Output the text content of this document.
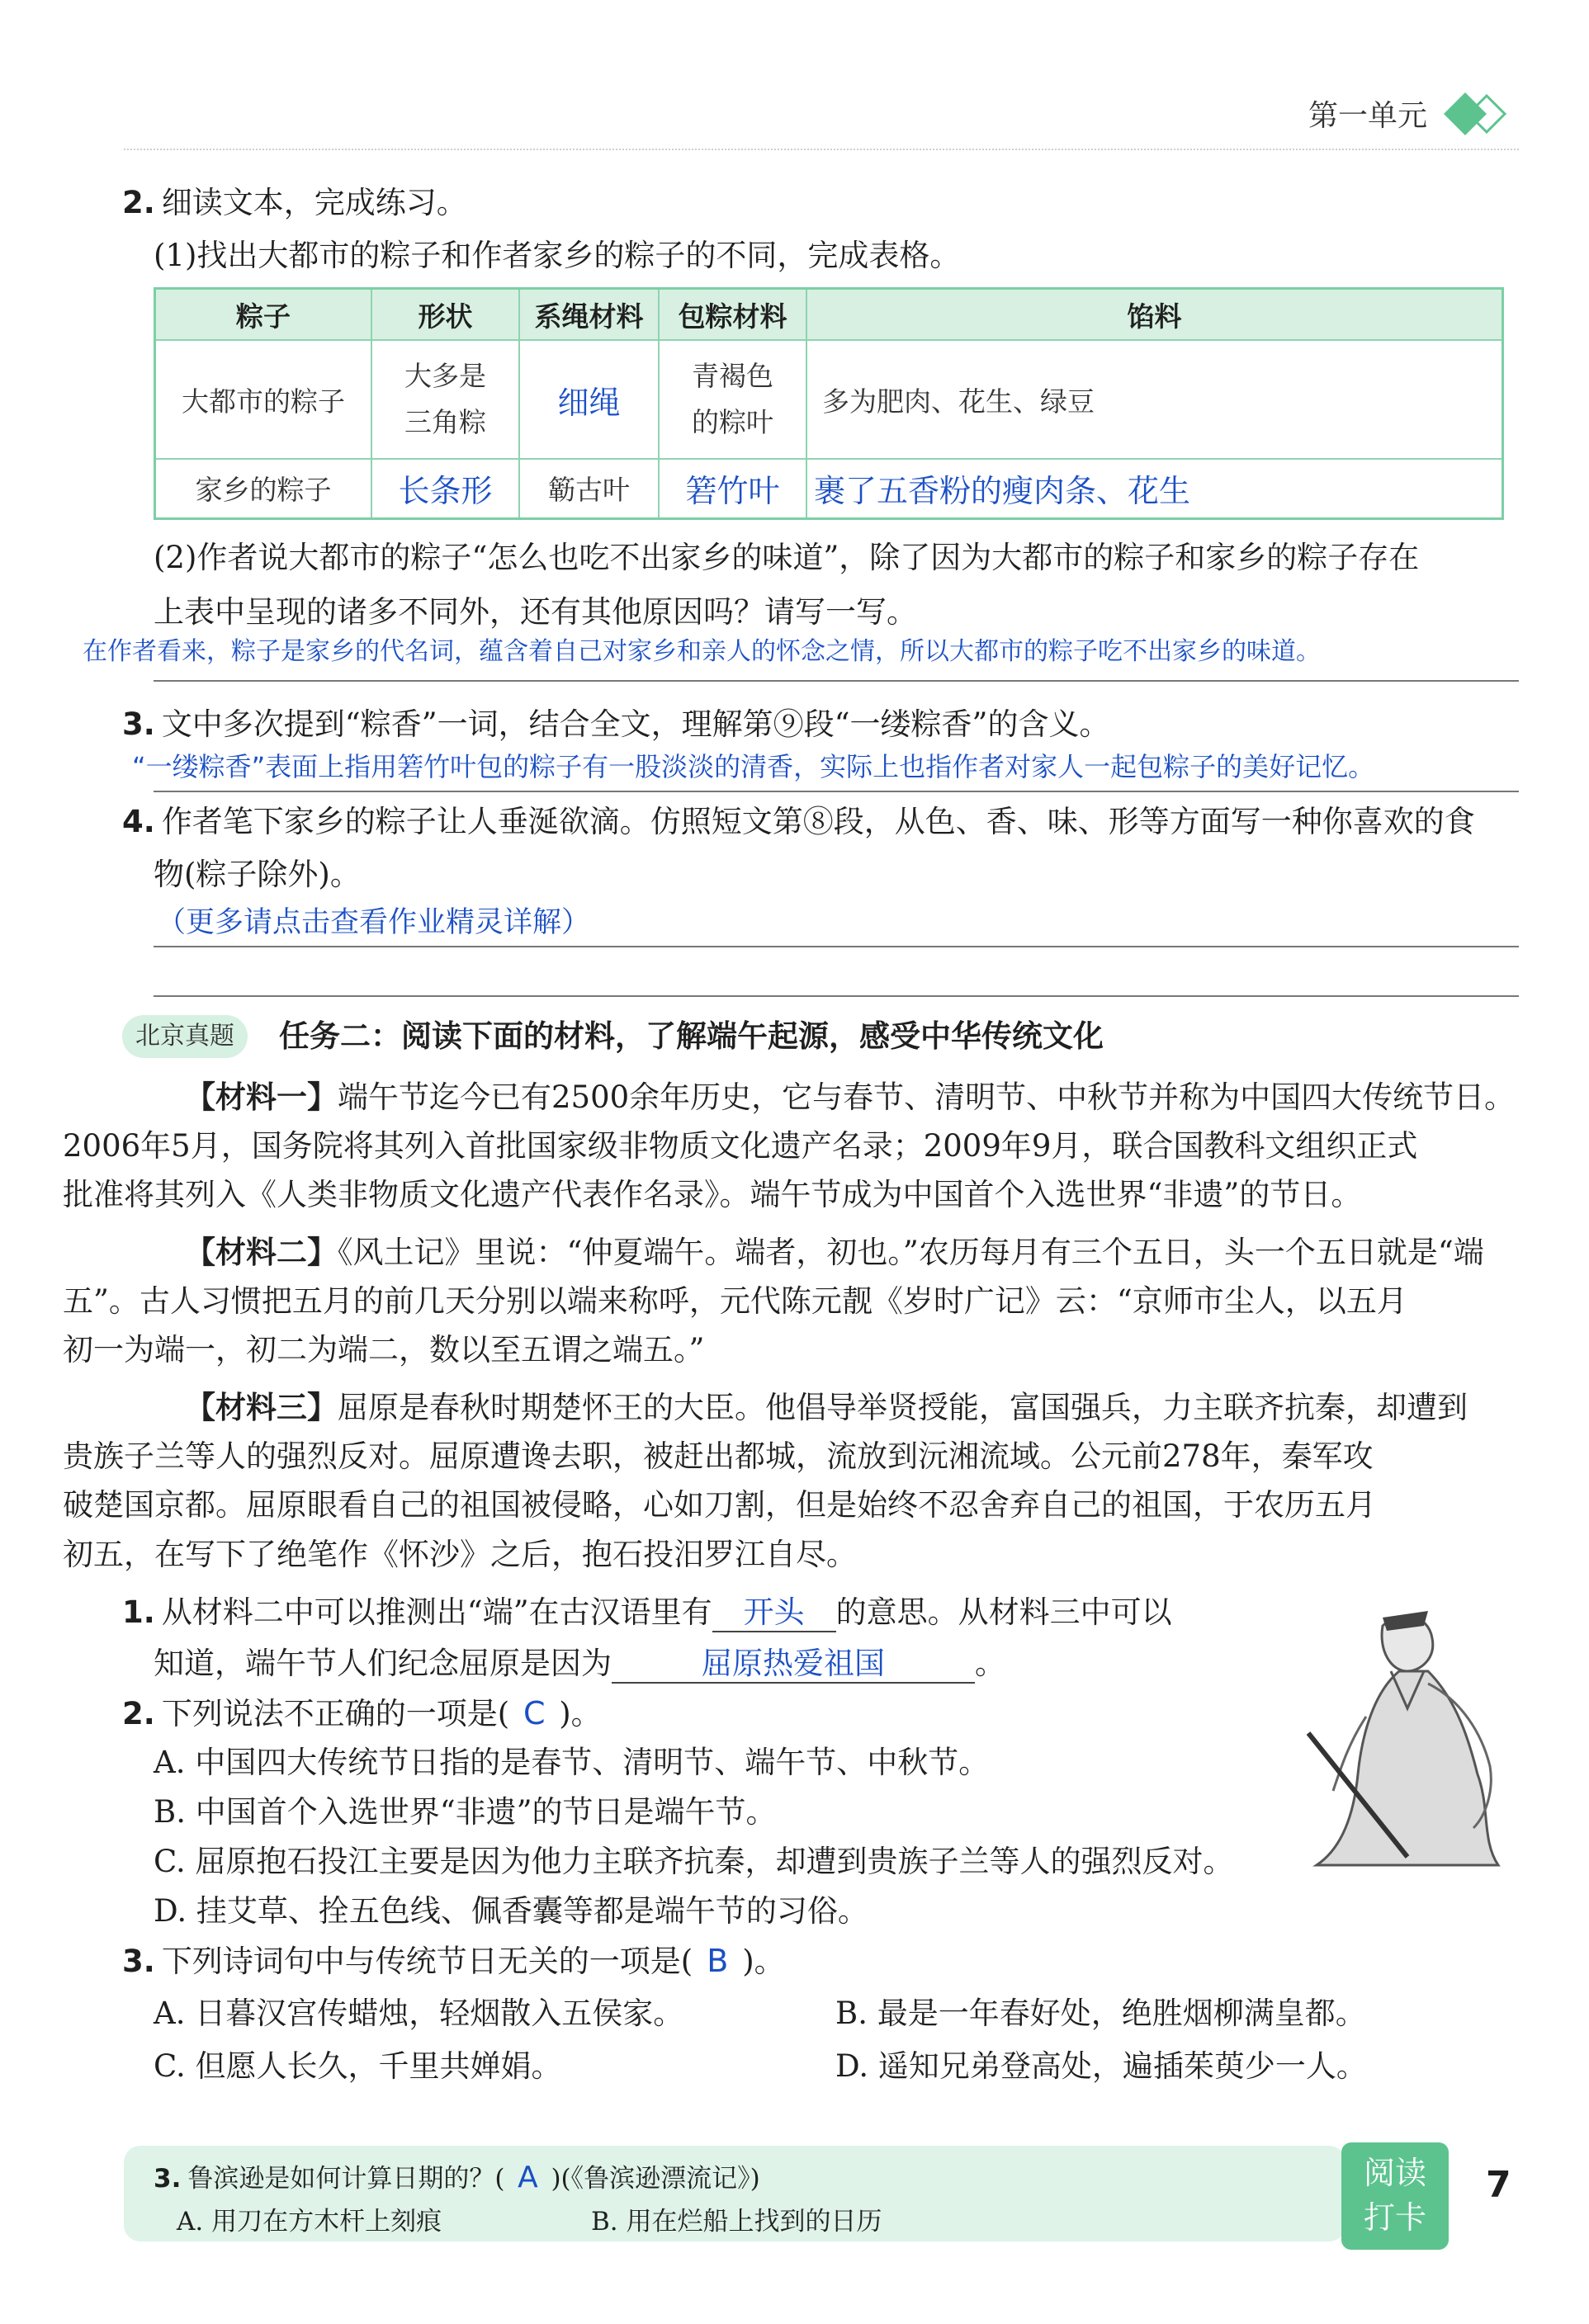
第一单元
2. 细读文本，完成练习。
(1)找出大都市的粽子和作者家乡的粽子的不同，完成表格。
粽子	形状	系绳材料	包粽材料	馅料
大都市的粽子	大多是三角粽	细绳	青褐色的粽叶	多为肥肉、花生、绿豆
家乡的粽子	长条形	簕古叶	箬竹叶	裹了五香粉的瘦肉条、花生
(2)作者说大都市的粽子“怎么也吃不出家乡的味道”，除了因为大都市的粽子和家乡的粽子存在
上表中呈现的诸多不同外，还有其他原因吗？请写一写。
在作者看来，粽子是家乡的代名词，蕴含着自己对家乡和亲人的怀念之情，所以大都市的粽子吃不出家乡的味道。
3. 文中多次提到“粽香”一词，结合全文，理解第⑨段“一缕粽香”的含义。
“一缕粽香”表面上指用箬竹叶包的粽子有一股淡淡的清香，实际上也指作者对家人一起包粽子的美好记忆。
4. 作者笔下家乡的粽子让人垂涎欲滴。仿照短文第⑧段，从色、香、味、形等方面写一种你喜欢的食
物(粽子除外)。
（更多请点击查看作业精灵详解）
北京真题	任务二：阅读下面的材料，了解端午起源，感受中华传统文化
【材料一】端午节迄今已有2500余年历史，它与春节、清明节、中秋节并称为中国四大传统节日。
2006年5月，国务院将其列入首批国家级非物质文化遗产名录；2009年9月，联合国教科文组织正式
批准将其列入《人类非物质文化遗产代表作名录》。端午节成为中国首个入选世界“非遗”的节日。
【材料二】《风土记》里说：“仲夏端午。端者，初也。”农历每月有三个五日，头一个五日就是“端
五”。古人习惯把五月的前几天分别以端来称呼，元代陈元靓《岁时广记》云：“京师市尘人，以五月
初一为端一，初二为端二，数以至五谓之端五。”
【材料三】屈原是春秋时期楚怀王的大臣。他倡导举贤授能，富国强兵，力主联齐抗秦，却遭到
贵族子兰等人的强烈反对。屈原遭谗去职，被赶出都城，流放到沅湘流域。公元前278年，秦军攻
破楚国京都。屈原眼看自己的祖国被侵略，心如刀割，但是始终不忍舍弃自己的祖国，于农历五月
初五，在写下了绝笔作《怀沙》之后，抱石投汨罗江自尽。
1. 从材料二中可以推测出“端”在古汉语里有 开头 的意思。从材料三中可以
知道，端午节人们纪念屈原是因为	屈原热爱祖国	。
2. 下列说法不正确的一项是( C )。
A. 中国四大传统节日指的是春节、清明节、端午节、中秋节。
B. 中国首个入选世界“非遗”的节日是端午节。
C. 屈原抱石投江主要是因为他力主联齐抗秦，却遭到贵族子兰等人的强烈反对。
D. 挂艾草、拴五色线、佩香囊等都是端午节的习俗。
3. 下列诗词句中与传统节日无关的一项是( B )。
A. 日暮汉宫传蜡烛，轻烟散入五侯家。	B. 最是一年春好处，绝胜烟柳满皇都。
C. 但愿人长久，千里共婵娟。	D. 遥知兄弟登高处，遍插茱萸少一人。
3. 鲁滨逊是如何计算日期的？( A )(《鲁滨逊漂流记》)
A. 用刀在方木杆上刻痕	B. 用在烂船上找到的日历
阅读
打卡
7
